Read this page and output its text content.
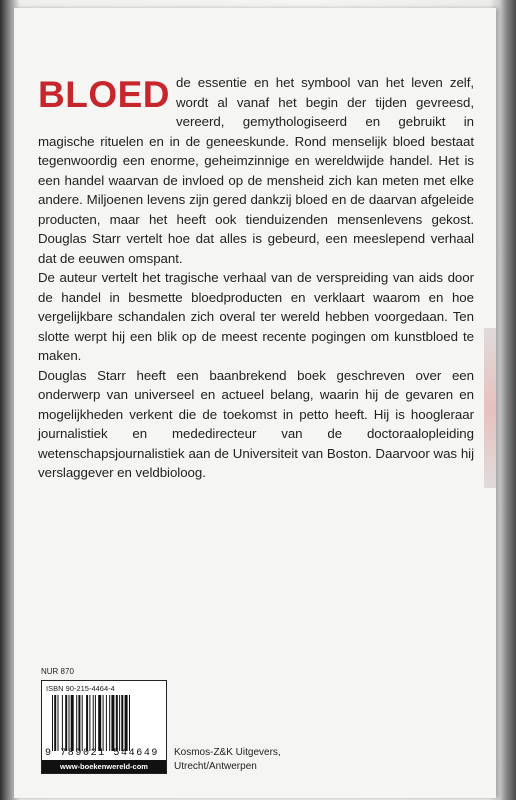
BLOED de essentie en het symbool van het leven zelf, wordt al vanaf het begin der tijden gevreesd, vereerd, gemythologiseerd en gebruikt in magische rituelen en in de geneeskunde. Rond menselijk bloed bestaat tegenwoordig een enorme, geheimzinnige en wereldwijde handel. Het is een handel waarvan de invloed op de mensheid zich kan meten met elke andere. Miljoenen levens zijn gered dankzij bloed en de daarvan afgeleide producten, maar het heeft ook tienduizenden mensenlevens gekost. Douglas Starr vertelt hoe dat alles is gebeurd, een meeslepend verhaal dat de eeuwen omspant.

De auteur vertelt het tragische verhaal van de verspreiding van aids door de handel in besmette bloedproducten en verklaart waarom en hoe vergelijkbare schandalen zich overal ter wereld hebben voorgedaan. Ten slotte werpt hij een blik op de meest recente pogingen om kunstbloed te maken.

Douglas Starr heeft een baanbrekend boek geschreven over een onderwerp van universeel en actueel belang, waarin hij de gevaren en mogelijkheden verkent die de toekomst in petto heeft. Hij is hoogleraar journalistiek en mededirecteur van de doctoraalopleiding wetenschapsjournalistiek aan de Universiteit van Boston. Daarvoor was hij verslaggever en veldbioloog.

NUR 870
ISBN 90-215-4464-4
9 789021 544649
www-boekenwereld-com
Kosmos-Z&K Uitgevers,
Utrecht/Antwerpen
